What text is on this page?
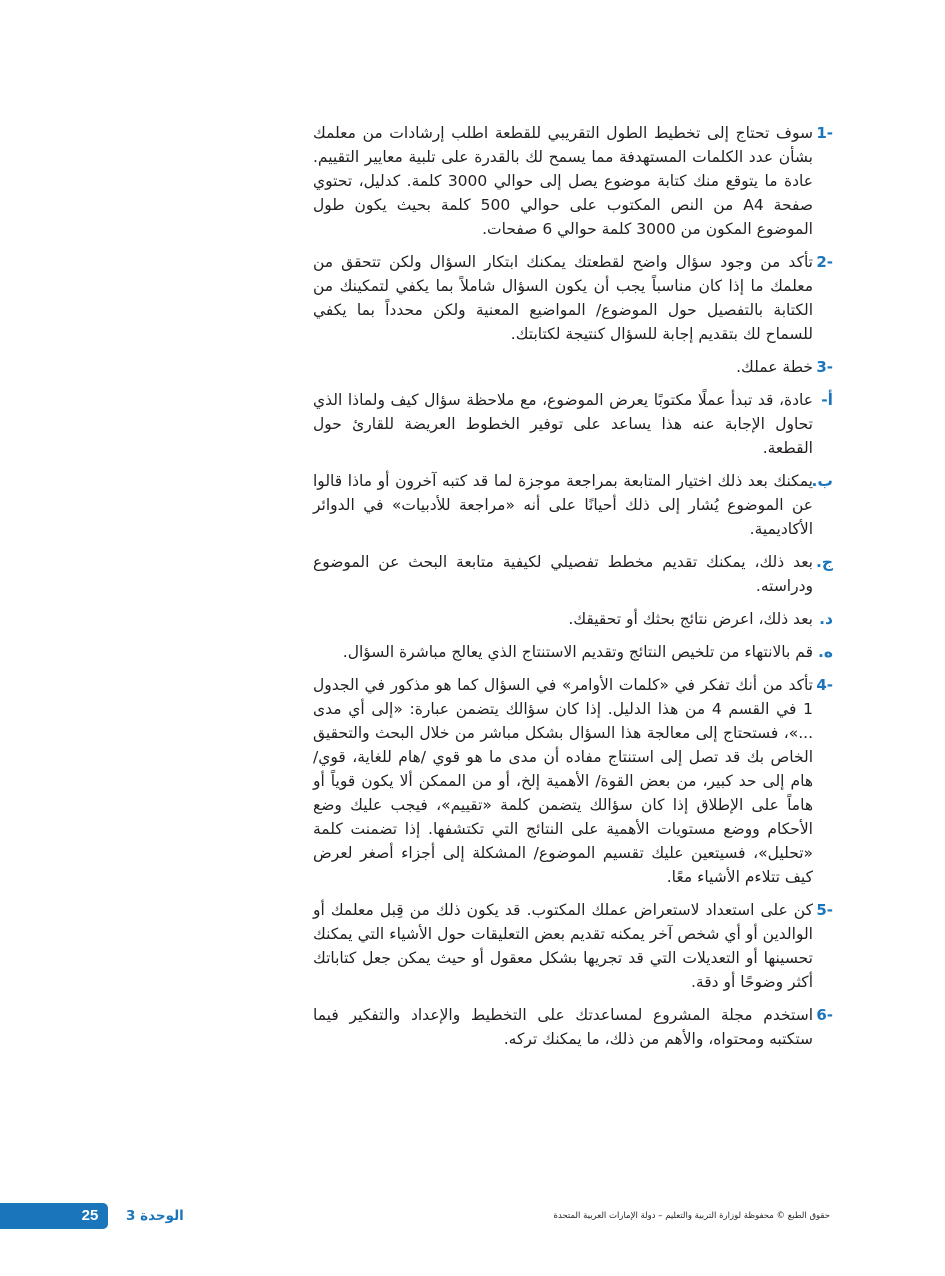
-1
سوف تحتاج إلى تخطيط الطول التقريبي للقطعة اطلب إرشادات من معلمك بشأن عدد الكلمات المستهدفة مما يسمح لك بالقدرة على تلبية معايير التقييم. عادة ما يتوقع منك كتابة موضوع يصل إلى حوالي 3000 كلمة. كدليل، تحتوي صفحة A4 من النص المكتوب على حوالي 500 كلمة بحيث يكون طول الموضوع المكون من 3000 كلمة حوالي 6 صفحات.
-2
تأكد من وجود سؤال واضح لقطعتك يمكنك ابتكار السؤال ولكن تتحقق من معلمك ما إذا كان مناسباً يجب أن يكون السؤال شاملاً بما يكفي لتمكينك من الكتابة بالتفصيل حول الموضوع/ المواضيع المعنية ولكن محدداً بما يكفي للسماح لك بتقديم إجابة للسؤال كنتيجة لكتابتك.
-3
خطة عملك.
أ-
عادة، قد تبدأ عملًا مكتوبًا يعرض الموضوع، مع ملاحظة سؤال كيف ولماذا الذي تحاول الإجابة عنه هذا يساعد على توفير الخطوط العريضة للقارئ حول القطعة.
ب.
يمكنك بعد ذلك اختيار المتابعة بمراجعة موجزة لما قد كتبه آخرون أو ماذا قالوا عن الموضوع يُشار إلى ذلك أحيانًا على أنه «مراجعة للأدبيات» في الدوائر الأكاديمية.
ج.
بعد ذلك، يمكنك تقديم مخطط تفصيلي لكيفية متابعة البحث عن الموضوع ودراسته.
د.
بعد ذلك، اعرض نتائج بحثك أو تحقيقك.
ه.
قم بالانتهاء من تلخيص النتائج وتقديم الاستنتاج الذي يعالج مباشرة السؤال.
-4
تأكد من أنك تفكر في «كلمات الأوامر» في السؤال كما هو مذكور في الجدول 1 في القسم 4 من هذا الدليل. إذا كان سؤالك يتضمن عبارة: «إلى أي مدى ...»، فستحتاج إلى معالجة هذا السؤال بشكل مباشر من خلال البحث والتحقيق الخاص بك قد تصل إلى استنتاج مفاده أن مدى ما هو قوي /هام للغاية، قوي/ هام إلى حد كبير، من بعض القوة/ الأهمية إلخ، أو من الممكن ألا يكون قوياً أو هاماً على الإطلاق إذا كان سؤالك يتضمن كلمة «تقييم»، فيجب عليك وضع الأحكام ووضع مستويات الأهمية على النتائج التي تكتشفها. إذا تضمنت كلمة «تحليل»، فسيتعين عليك تقسيم الموضوع/ المشكلة إلى أجزاء أصغر لعرض كيف تتلاءم الأشياء معًا.
-5
كن على استعداد لاستعراض عملك المكتوب. قد يكون ذلك من قِبل معلمك أو الوالدين أو أي شخص آخر يمكنه تقديم بعض التعليقات حول الأشياء التي يمكنك تحسينها أو التعديلات التي قد تجريها بشكل معقول أو حيث يمكن جعل كتاباتك أكثر وضوحًا أو دقة.
-6
استخدم مجلة المشروع لمساعدتك على التخطيط والإعداد والتفكير فيما ستكتبه ومحتواه، والأهم من ذلك، ما يمكنك تركه.
25	الوحدة 3	حقوق الطبع © محفوظة لوزارة التربية والتعليم – دولة الإمارات العربية المتحدة
